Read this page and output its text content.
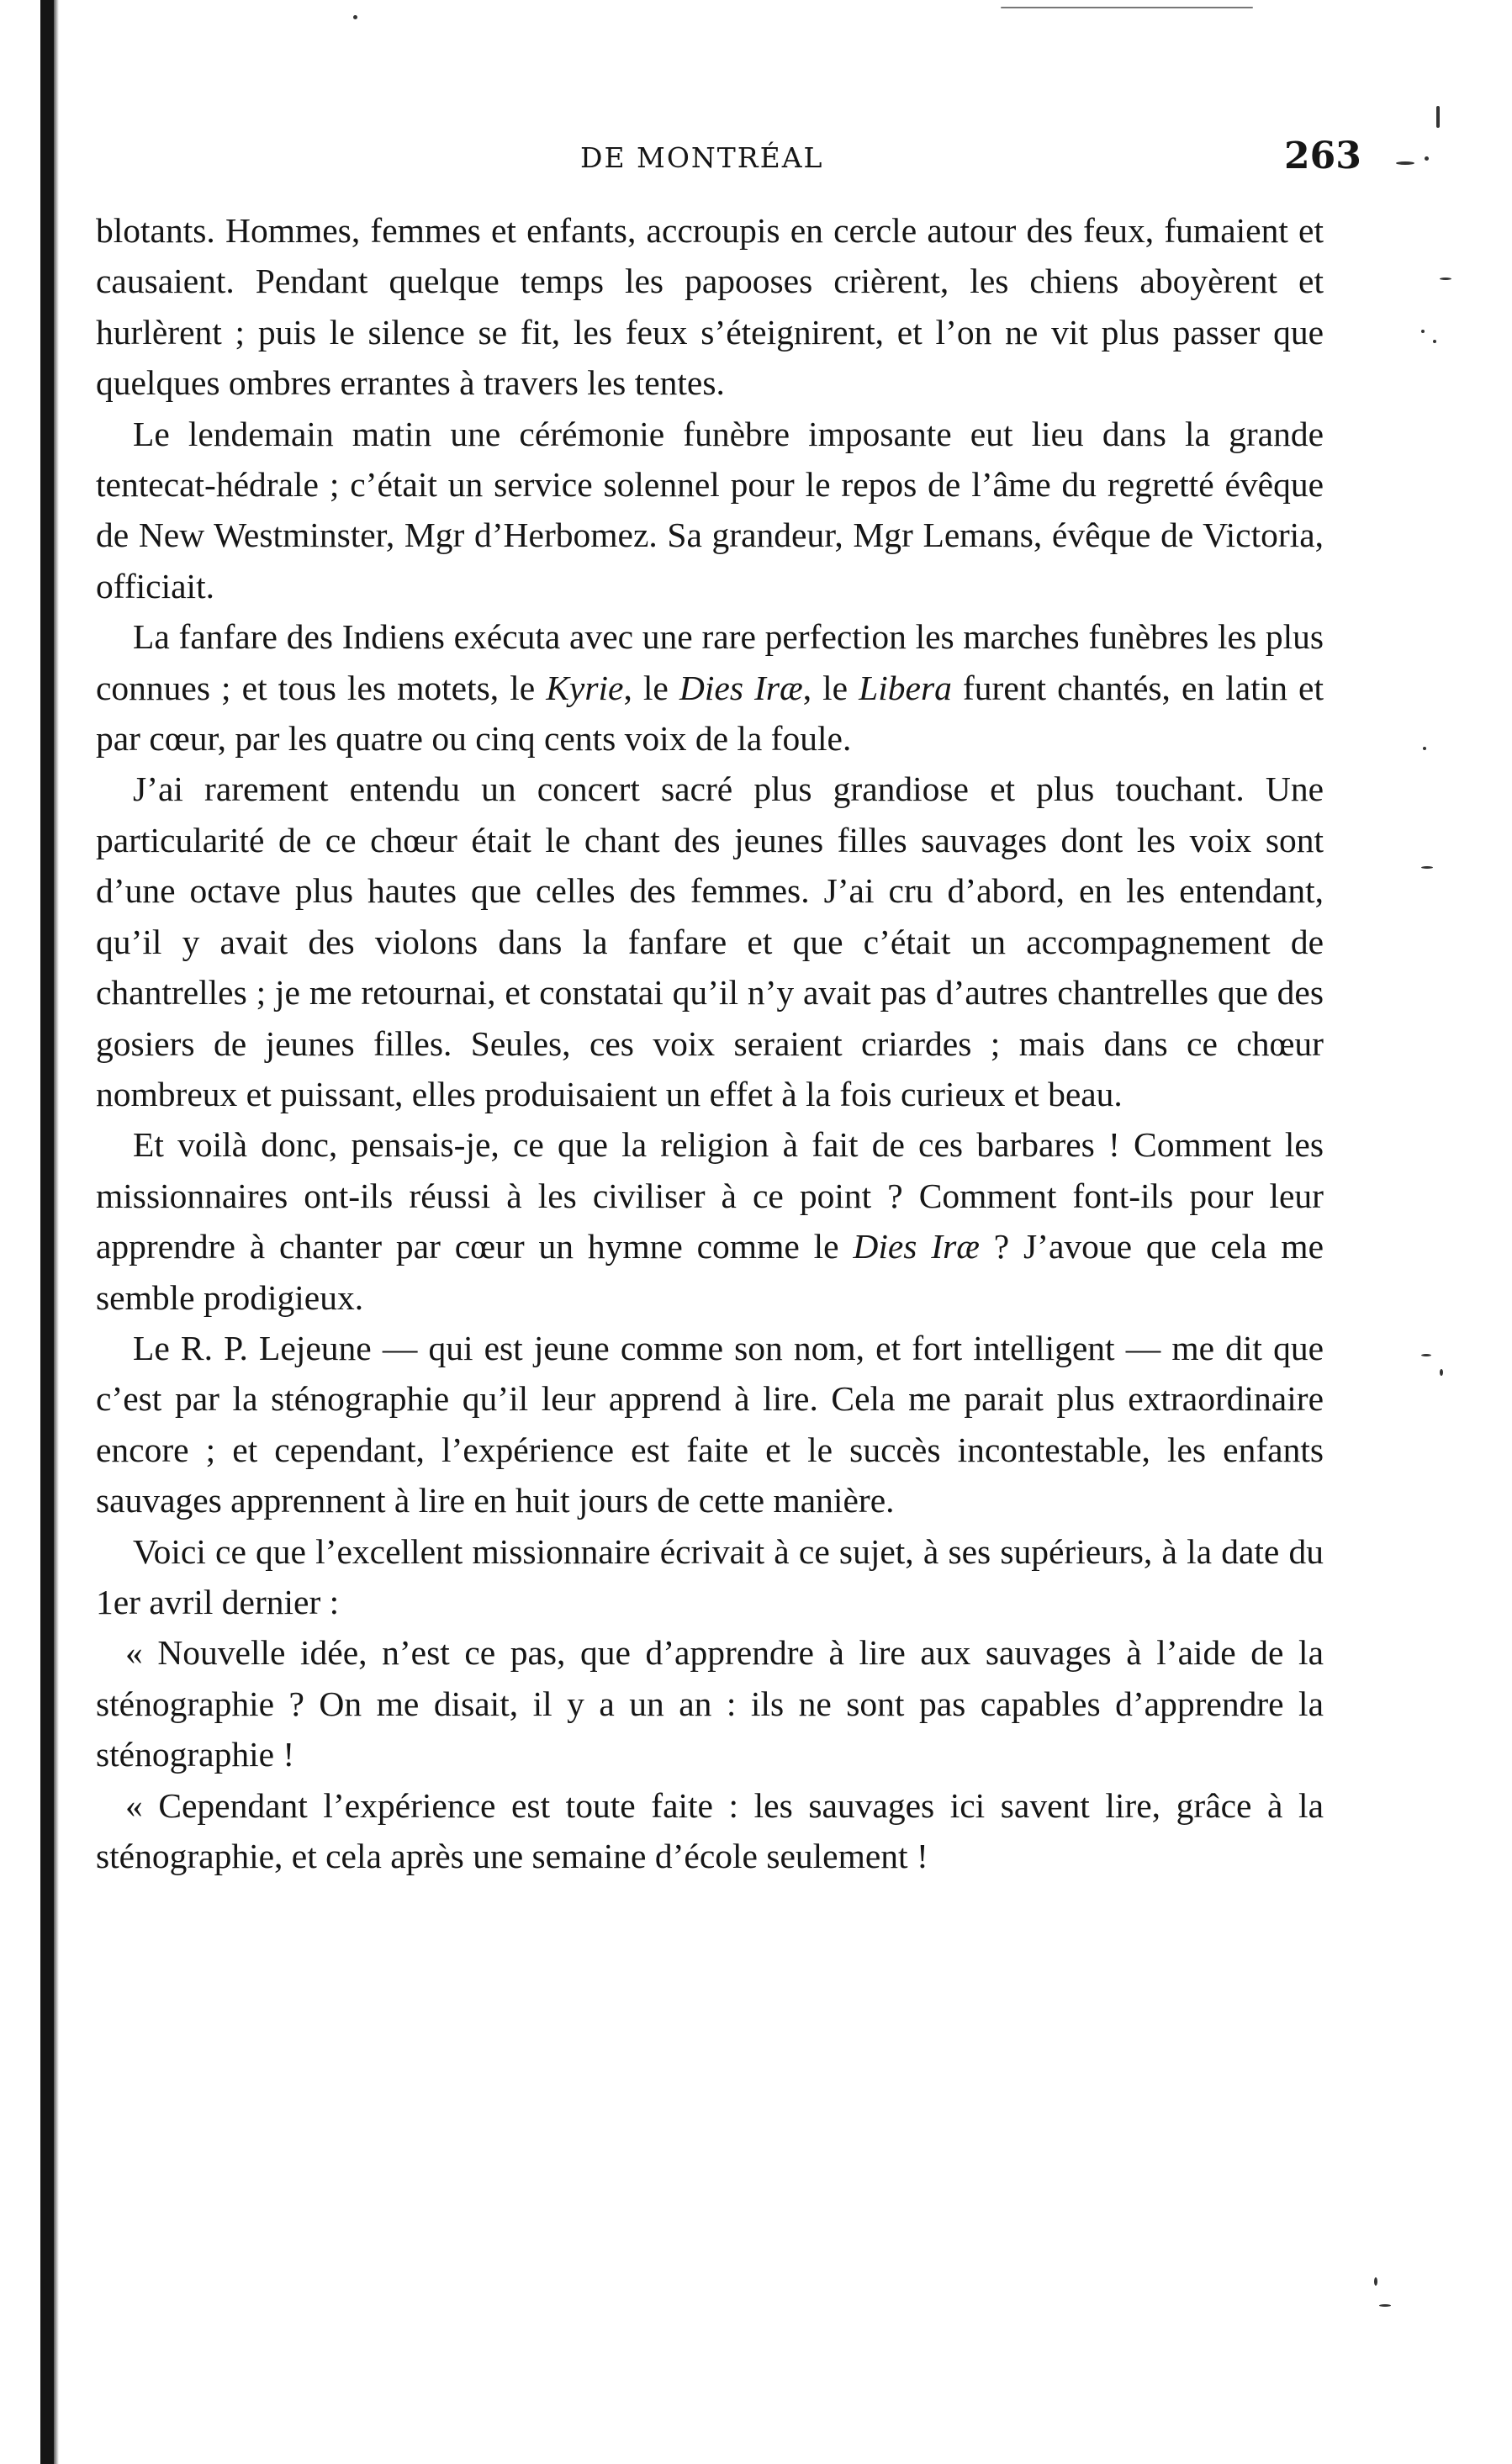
DE MONTRÉAL	263

blotants. Hommes, femmes et enfants, accroupis en cercle autour des feux, fumaient et causaient. Pendant quelque temps les papooses crièrent, les chiens aboyèrent et hurlèrent ; puis le silence se fit, les feux s’éteignirent, et l’on ne vit plus passer que quelques ombres errantes à travers les tentes.

Le lendemain matin une cérémonie funèbre imposante eut lieu dans la grande tentecat-hédrale ; c’était un service solennel pour le repos de l’âme du regretté évêque de New Westminster, Mgr d’Herbomez. Sa grandeur, Mgr Lemans, évêque de Victoria, officiait.

La fanfare des Indiens exécuta avec une rare perfection les marches funèbres les plus connues ; et tous les motets, le Kyrie, le Dies Iræ, le Libera furent chantés, en latin et par cœur, par les quatre ou cinq cents voix de la foule.

J’ai rarement entendu un concert sacré plus grandiose et plus touchant. Une particularité de ce chœur était le chant des jeunes filles sauvages dont les voix sont d’une octave plus hautes que celles des femmes. J’ai cru d’abord, en les entendant, qu’il y avait des violons dans la fanfare et que c’était un accompagnement de chantrelles ; je me retournai, et constatai qu’il n’y avait pas d’autres chantrelles que des gosiers de jeunes filles. Seules, ces voix seraient criardes ; mais dans ce chœur nombreux et puissant, elles produisaient un effet à la fois curieux et beau.

Et voilà donc, pensais-je, ce que la religion à fait de ces barbares ! Comment les missionnaires ont-ils réussi à les civiliser à ce point ? Comment font-ils pour leur apprendre à chanter par cœur un hymne comme le Dies Iræ ? J’avoue que cela me semble prodigieux.

Le R. P. Lejeune — qui est jeune comme son nom, et fort intelligent — me dit que c’est par la sténographie qu’il leur apprend à lire. Cela me parait plus extraordinaire encore ; et cependant, l’expérience est faite et le succès incontestable, les enfants sauvages apprennent à lire en huit jours de cette manière.

Voici ce que l’excellent missionnaire écrivait à ce sujet, à ses supérieurs, à la date du 1er avril dernier :

« Nouvelle idée, n’est ce pas, que d’apprendre à lire aux sauvages à l’aide de la sténographie ? On me disait, il y a un an : ils ne sont pas capables d’apprendre la sténographie !

« Cependant l’expérience est toute faite : les sauvages ici savent lire, grâce à la sténographie, et cela après une semaine d’école seulement !
